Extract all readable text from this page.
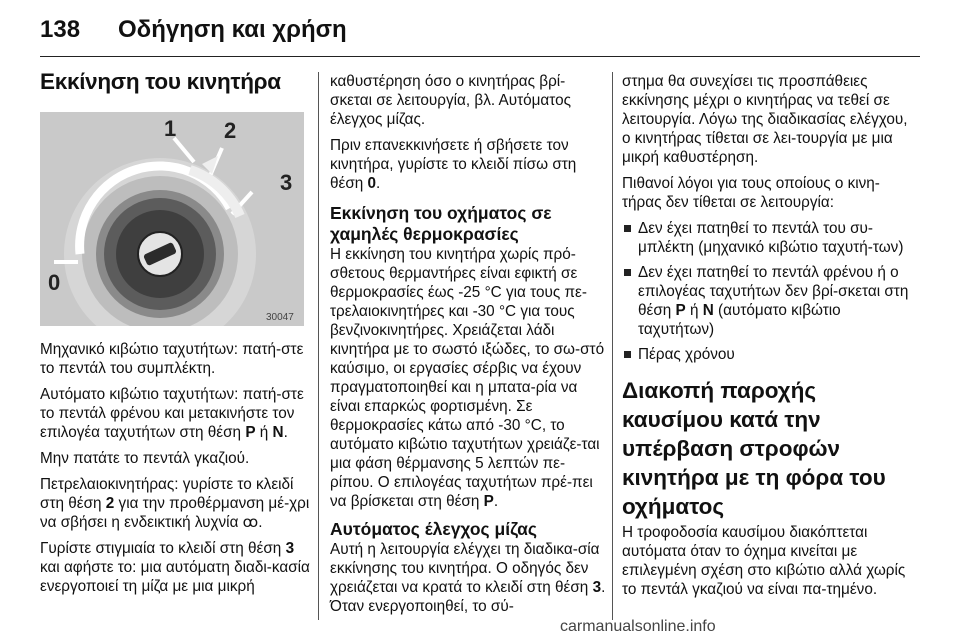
138 Οδήγηση και χρήση
Εκκίνηση του κινητήρα
0
1 2
3
30047

Μηχανικό κιβώτιο ταχυτήτων: πατή-στε το πεντάλ του συμπλέκτη.

Αυτόματο κιβώτιο ταχυτήτων: πατή-στε το πεντάλ φρένου και μετακινήστε τον επιλογέα ταχυτήτων στη θέση P ή N.

Μην πατάτε το πεντάλ γκαζιού.

Πετρελαιοκινητήρας: γυρίστε το κλειδί στη θέση 2 για την προθέρμανση μέ-χρι να σβήσει η ενδεικτική λυχνία ꝏ.

Γυρίστε στιγμιαία το κλειδί στη θέση 3 και αφήστε το: μια αυτόματη διαδι-κασία ενεργοποιεί τη μίζα με μια μικρή

καθυστέρηση όσο ο κινητήρας βρί-σκεται σε λειτουργία, βλ. Αυτόματος έλεγχος μίζας.

Πριν επανεκκινήσετε ή σβήσετε τον κινητήρα, γυρίστε το κλειδί πίσω στη θέση 0.

Εκκίνηση του οχήματος σε χαμηλές θερμοκρασίες

Η εκκίνηση του κινητήρα χωρίς πρό-σθετους θερμαντήρες είναι εφικτή σε θερμοκρασίες έως -25 °C για τους πε-τρελαιοκινητήρες και -30 °C για τους βενζινοκινητήρες. Χρειάζεται λάδι κινητήρα με το σωστό ιξώδες, το σω-στό καύσιμο, οι εργασίες σέρβις να έχουν πραγματοποιηθεί και η μπατα-ρία να είναι επαρκώς φορτισμένη. Σε θερμοκρασίες κάτω από -30 °C, το αυτόματο κιβώτιο ταχυτήτων χρειάζε-ται μια φάση θέρμανσης 5 λεπτών πε-ρίπου. Ο επιλογέας ταχυτήτων πρέ-πει να βρίσκεται στη θέση P.

Αυτόματος έλεγχος μίζας

Αυτή η λειτουργία ελέγχει τη διαδικα-σία εκκίνησης του κινητήρα. Ο οδηγός δεν χρειάζεται να κρατά το κλειδί στη θέση 3. Όταν ενεργοποιηθεί, το σύ-

στημα θα συνεχίσει τις προσπάθειες εκκίνησης μέχρι ο κινητήρας να τεθεί σε λειτουργία. Λόγω της διαδικασίας ελέγχου, ο κινητήρας τίθεται σε λει-τουργία με μια μικρή καθυστέρηση.

Πιθανοί λόγοι για τους οποίους ο κινη-τήρας δεν τίθεται σε λειτουργία:

Δεν έχει πατηθεί το πεντάλ του συ-μπλέκτη (μηχανικό κιβώτιο ταχυτή-των)
Δεν έχει πατηθεί το πεντάλ φρένου ή ο επιλογέας ταχυτήτων δεν βρί-σκεται στη θέση P ή N (αυτόματο κιβώτιο ταχυτήτων)
Πέρας χρόνου
Διακοπή παροχής καυσίμου κατά την υπέρβαση στροφών κινητήρα με τη φόρα του οχήματος

Η τροφοδοσία καυσίμου διακόπτεται αυτόματα όταν το όχημα κινείται με επιλεγμένη σχέση στο κιβώτιο αλλά χωρίς το πεντάλ γκαζιού να είναι πα-τημένο.

carmanualsonline.info
